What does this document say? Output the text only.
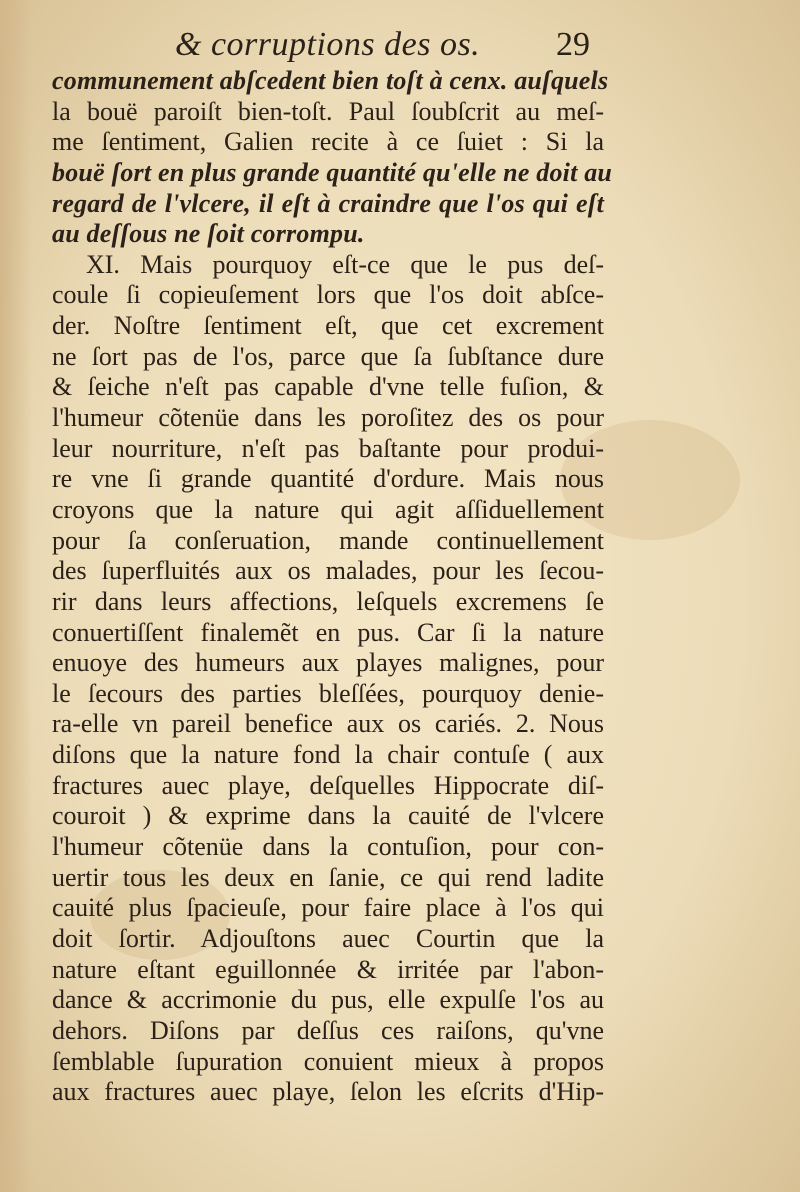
& corruptions des os. 29
communement abſcedent bien toſt à cenx. auſquels
la bouë paroiſt bien-toſt. Paul ſoubſcrit au meſ-
me ſentiment, Galien recite à ce ſuiet : Si la
bouë ſort en plus grande quantité qu'elle ne doit au
regard de l'vlcere, il eſt à craindre que l'os qui eſt
au deſſous ne ſoit corrompu.
XI. Mais pourquoy eſt-ce que le pus deſ-
coule ſi copieuſement lors que l'os doit abſce-
der. Noſtre ſentiment eſt, que cet excrement
ne ſort pas de l'os, parce que ſa ſubſtance dure
& ſeiche n'eſt pas capable d'vne telle fuſion, &
l'humeur cõtenüe dans les poroſitez des os pour
leur nourriture, n'eſt pas baſtante pour produi-
re vne ſi grande quantité d'ordure. Mais nous
croyons que la nature qui agit aſſiduellement
pour ſa conſeruation, mande continuellement
des ſuperfluités aux os malades, pour les ſecou-
rir dans leurs affections, leſquels excremens ſe
conuertiſſent finalemẽt en pus. Car ſi la nature
enuoye des humeurs aux playes malignes, pour
le ſecours des parties bleſſées, pourquoy denie-
ra-elle vn pareil benefice aux os cariés. 2. Nous
diſons que la nature fond la chair contuſe ( aux
fractures auec playe, deſquelles Hippocrate diſ-
couroit ) & exprime dans la cauité de l'vlcere
l'humeur cõtenüe dans la contuſion, pour con-
uertir tous les deux en ſanie, ce qui rend ladite
cauité plus ſpacieuſe, pour faire place à l'os qui
doit ſortir. Adjouſtons auec Courtin que la
nature eſtant eguillonnée & irritée par l'abon-
dance & accrimonie du pus, elle expulſe l'os au
dehors. Diſons par deſſus ces raiſons, qu'vne
ſemblable ſupuration conuient mieux à propos
aux fractures auec playe, ſelon les eſcrits d'Hip-
